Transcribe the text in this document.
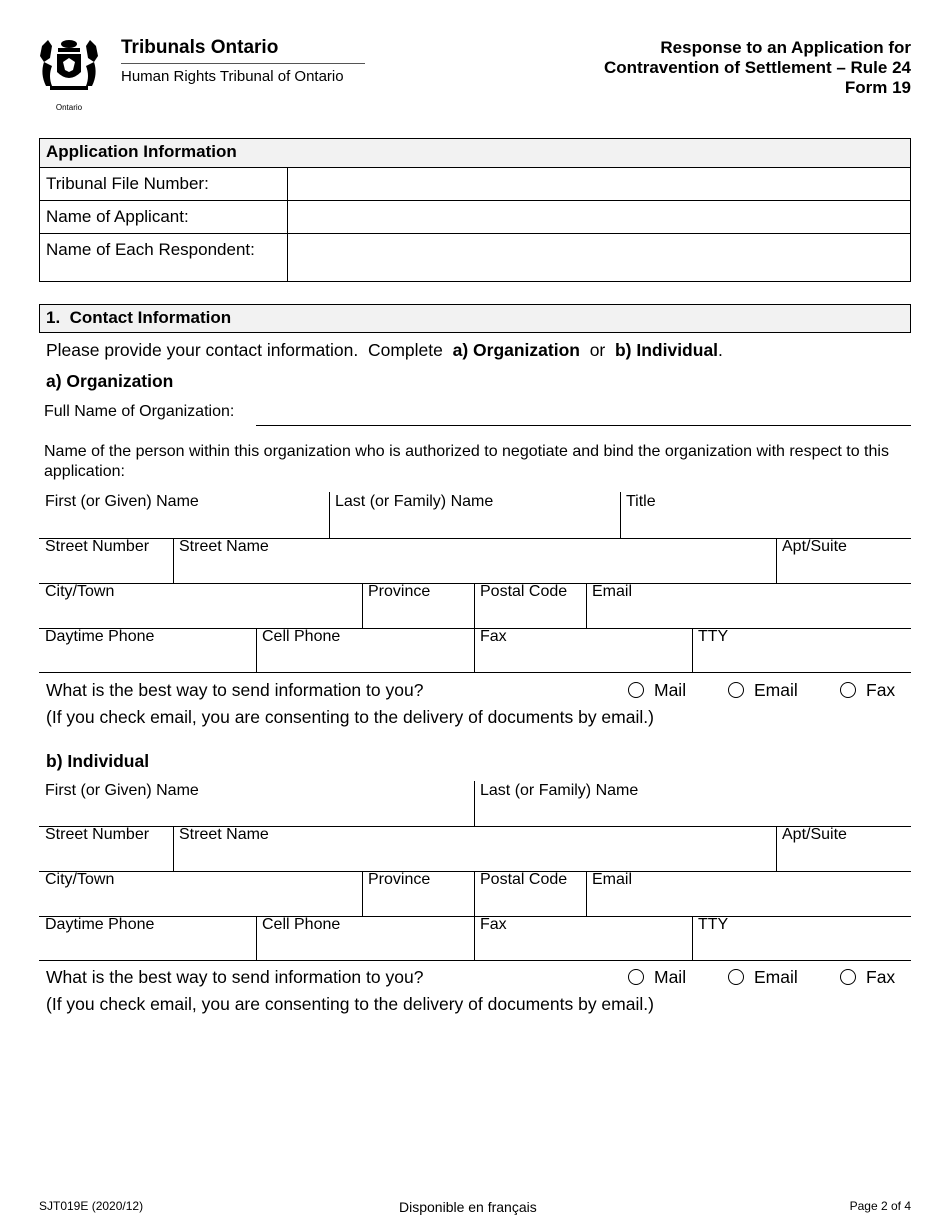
Ontario
Tribunals Ontario
Human Rights Tribunal of Ontario
Response to an Application for
Contravention of Settlement – Rule 24
Form 19
Application Information
Tribunal File Number:
Name of Applicant:
Name of Each Respondent:
1.  Contact Information
Please provide your contact information.  Complete  a) Organization  or  b) Individual.
a) Organization
Full Name of Organization:
Name of the person within this organization who is authorized to negotiate and bind the organization with respect to this application:
First (or Given) Name	Last (or Family) Name	Title
Street Number	Street Name	Apt/Suite
City/Town	Province	Postal Code	Email
Daytime Phone	Cell Phone	Fax	TTY
What is the best way to send information to you?	Mail	Email	Fax
(If you check email, you are consenting to the delivery of documents by email.)
b) Individual
First (or Given) Name	Last (or Family) Name
Street Number	Street Name	Apt/Suite
City/Town	Province	Postal Code	Email
Daytime Phone	Cell Phone	Fax	TTY
What is the best way to send information to you?	Mail	Email	Fax
(If you check email, you are consenting to the delivery of documents by email.)
SJT019E (2020/12)	Disponible en français	Page 2 of 4
